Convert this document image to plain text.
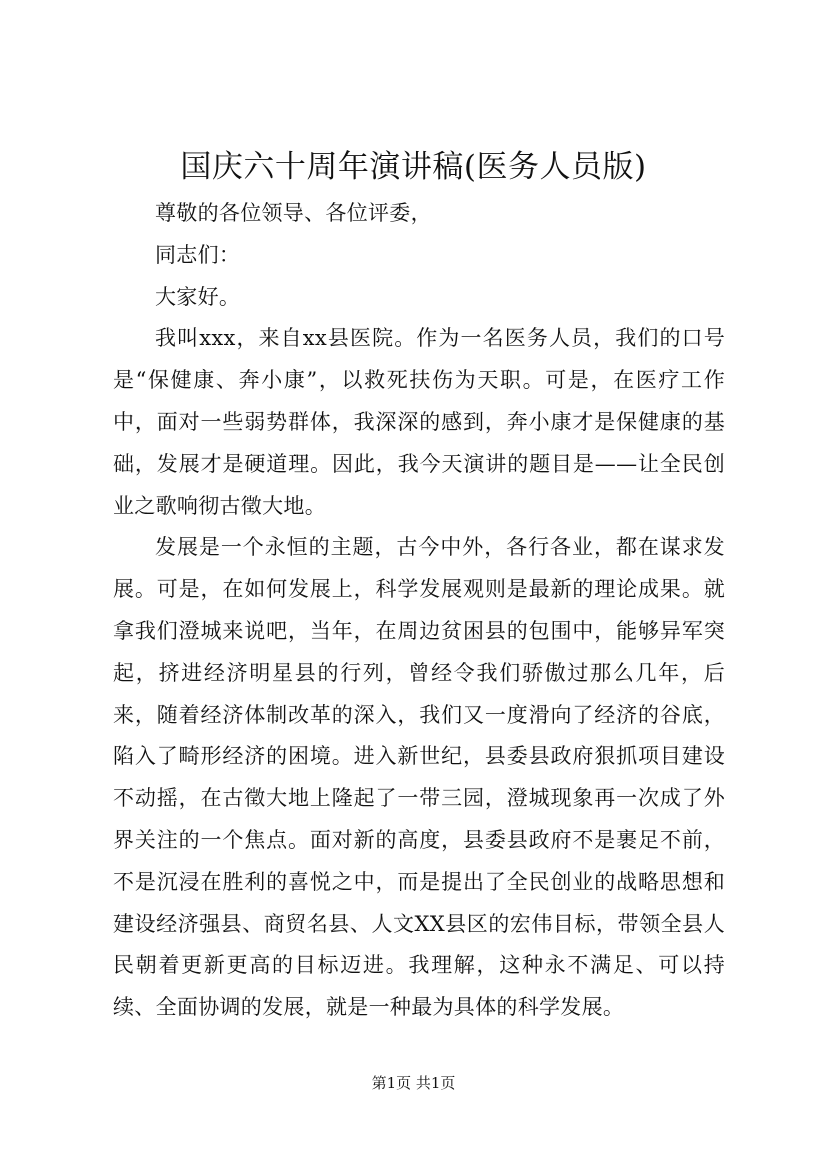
国庆六十周年演讲稿(医务人员版)

尊敬的各位领导、各位评委，

同志们：

大家好。

我叫xxx，来自xx县医院。作为一名医务人员，我们的口号是“保健康、奔小康”，以救死扶伤为天职。可是，在医疗工作中，面对一些弱势群体，我深深的感到，奔小康才是保健康的基础，发展才是硬道理。因此，我今天演讲的题目是——让全民创业之歌响彻古徵大地。

发展是一个永恒的主题，古今中外，各行各业，都在谋求发展。可是，在如何发展上，科学发展观则是最新的理论成果。就拿我们澄城来说吧，当年，在周边贫困县的包围中，能够异军突起，挤进经济明星县的行列，曾经令我们骄傲过那么几年，后来，随着经济体制改革的深入，我们又一度滑向了经济的谷底，陷入了畸形经济的困境。进入新世纪，县委县政府狠抓项目建设不动摇，在古徵大地上隆起了一带三园，澄城现象再一次成了外界关注的一个焦点。面对新的高度，县委县政府不是裹足不前，不是沉浸在胜利的喜悦之中，而是提出了全民创业的战略思想和建设经济强县、商贸名县、人文XX县区的宏伟目标，带领全县人民朝着更新更高的目标迈进。我理解，这种永不满足、可以持续、全面协调的发展，就是一种最为具体的科学发展。

第1页 共1页
